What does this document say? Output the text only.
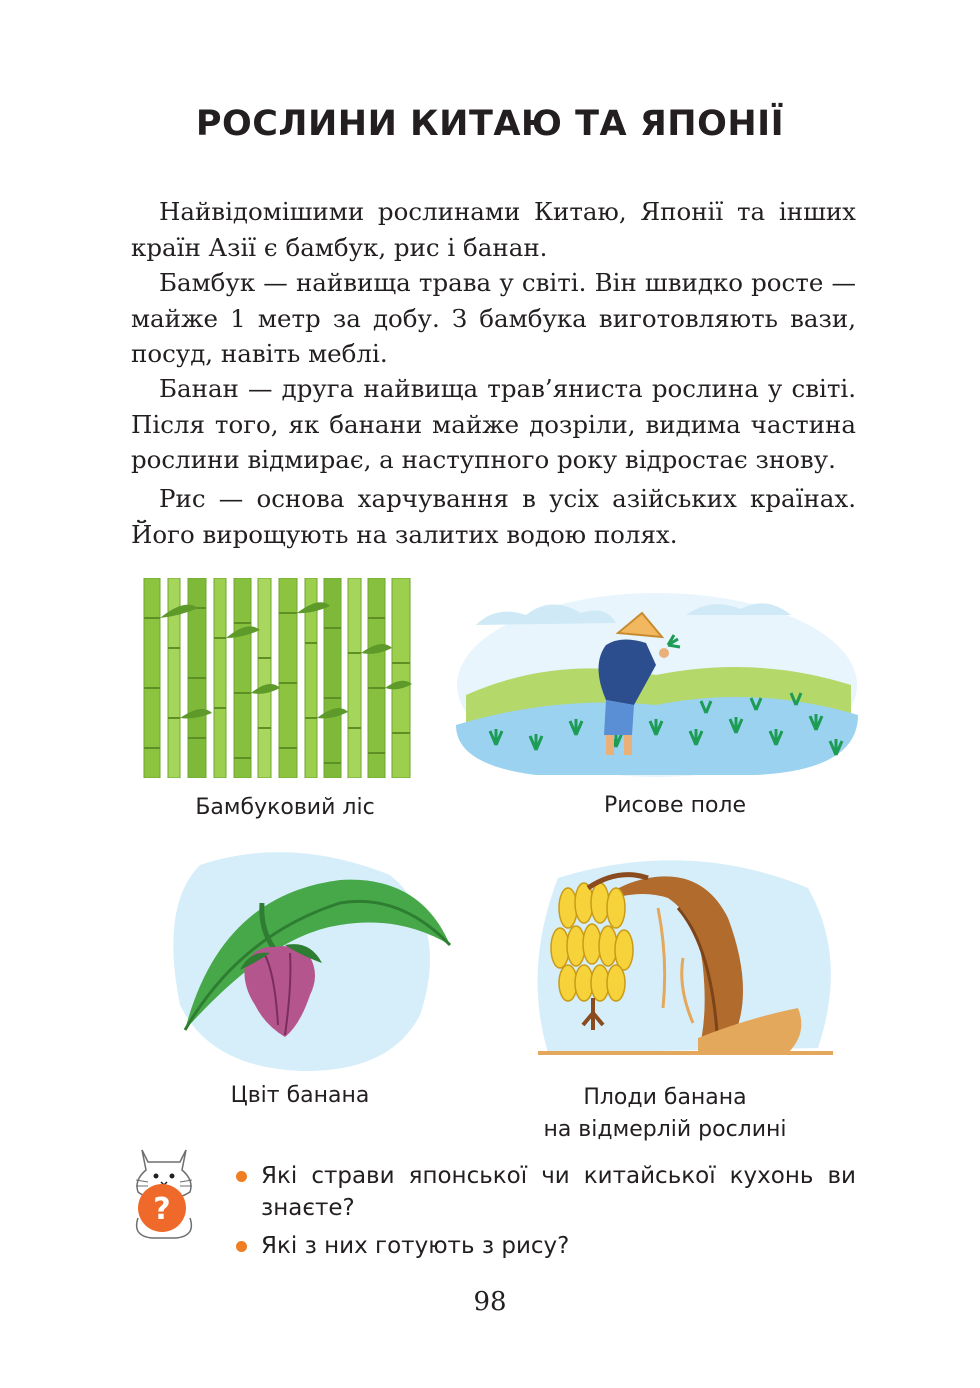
РОСЛИНИ КИТАЮ ТА ЯПОНІЇ

Найвідомішими рослинами Китаю, Японії та інших країн Азії є бамбук, рис і банан.

Бамбук — найвища трава у світі. Він швидко росте — майже 1 метр за добу. З бамбука виготовляють вази, посуд, навіть меблі.

Банан — друга найвища трав’яниста рослина у світі. Після того, як банани майже дозріли, видима частина рослини відмирає, а наступного року відростає знову.

Рис — основа харчування в усіх азійських країнах. Його вирощують на залитих водою полях.

Бамбуковий ліс	Рисове поле
Цвіт банана	Плоди банана
на відмерлій рослині
?
Які страви японської чи китайської кухонь ви знаєте?
Які з них готують з рису?
98
